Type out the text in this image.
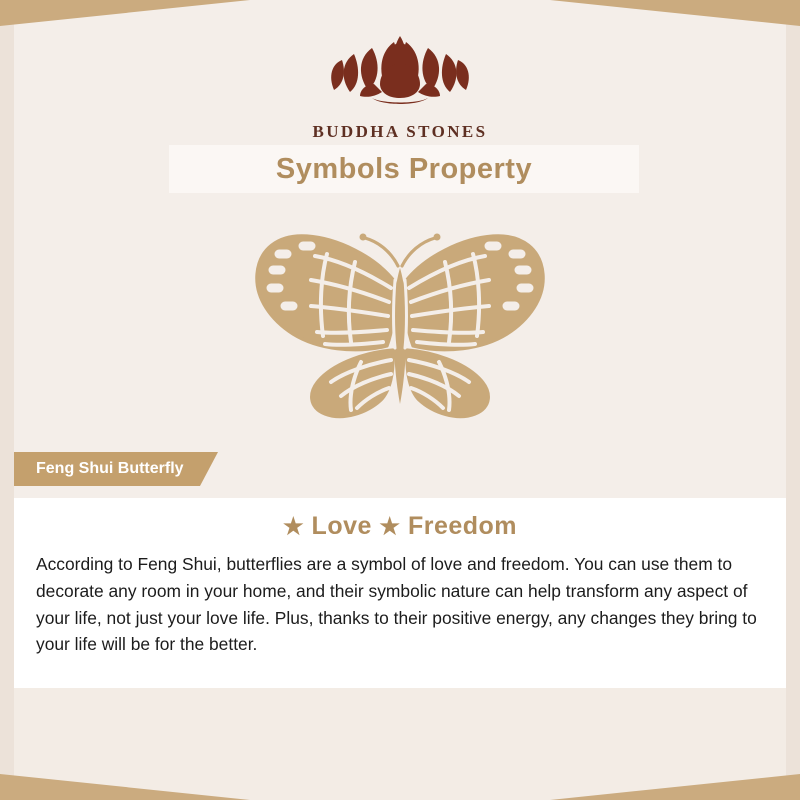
BUDDHA STONES
Symbols Property
Feng Shui Butterfly
★ Love ★ Freedom

According to Feng Shui, butterflies are a symbol of love and freedom. You can use them to decorate any room in your home, and their symbolic nature can help transform any aspect of your life, not just your love life. Plus, thanks to their positive energy, any changes they bring to your life will be for the better.
